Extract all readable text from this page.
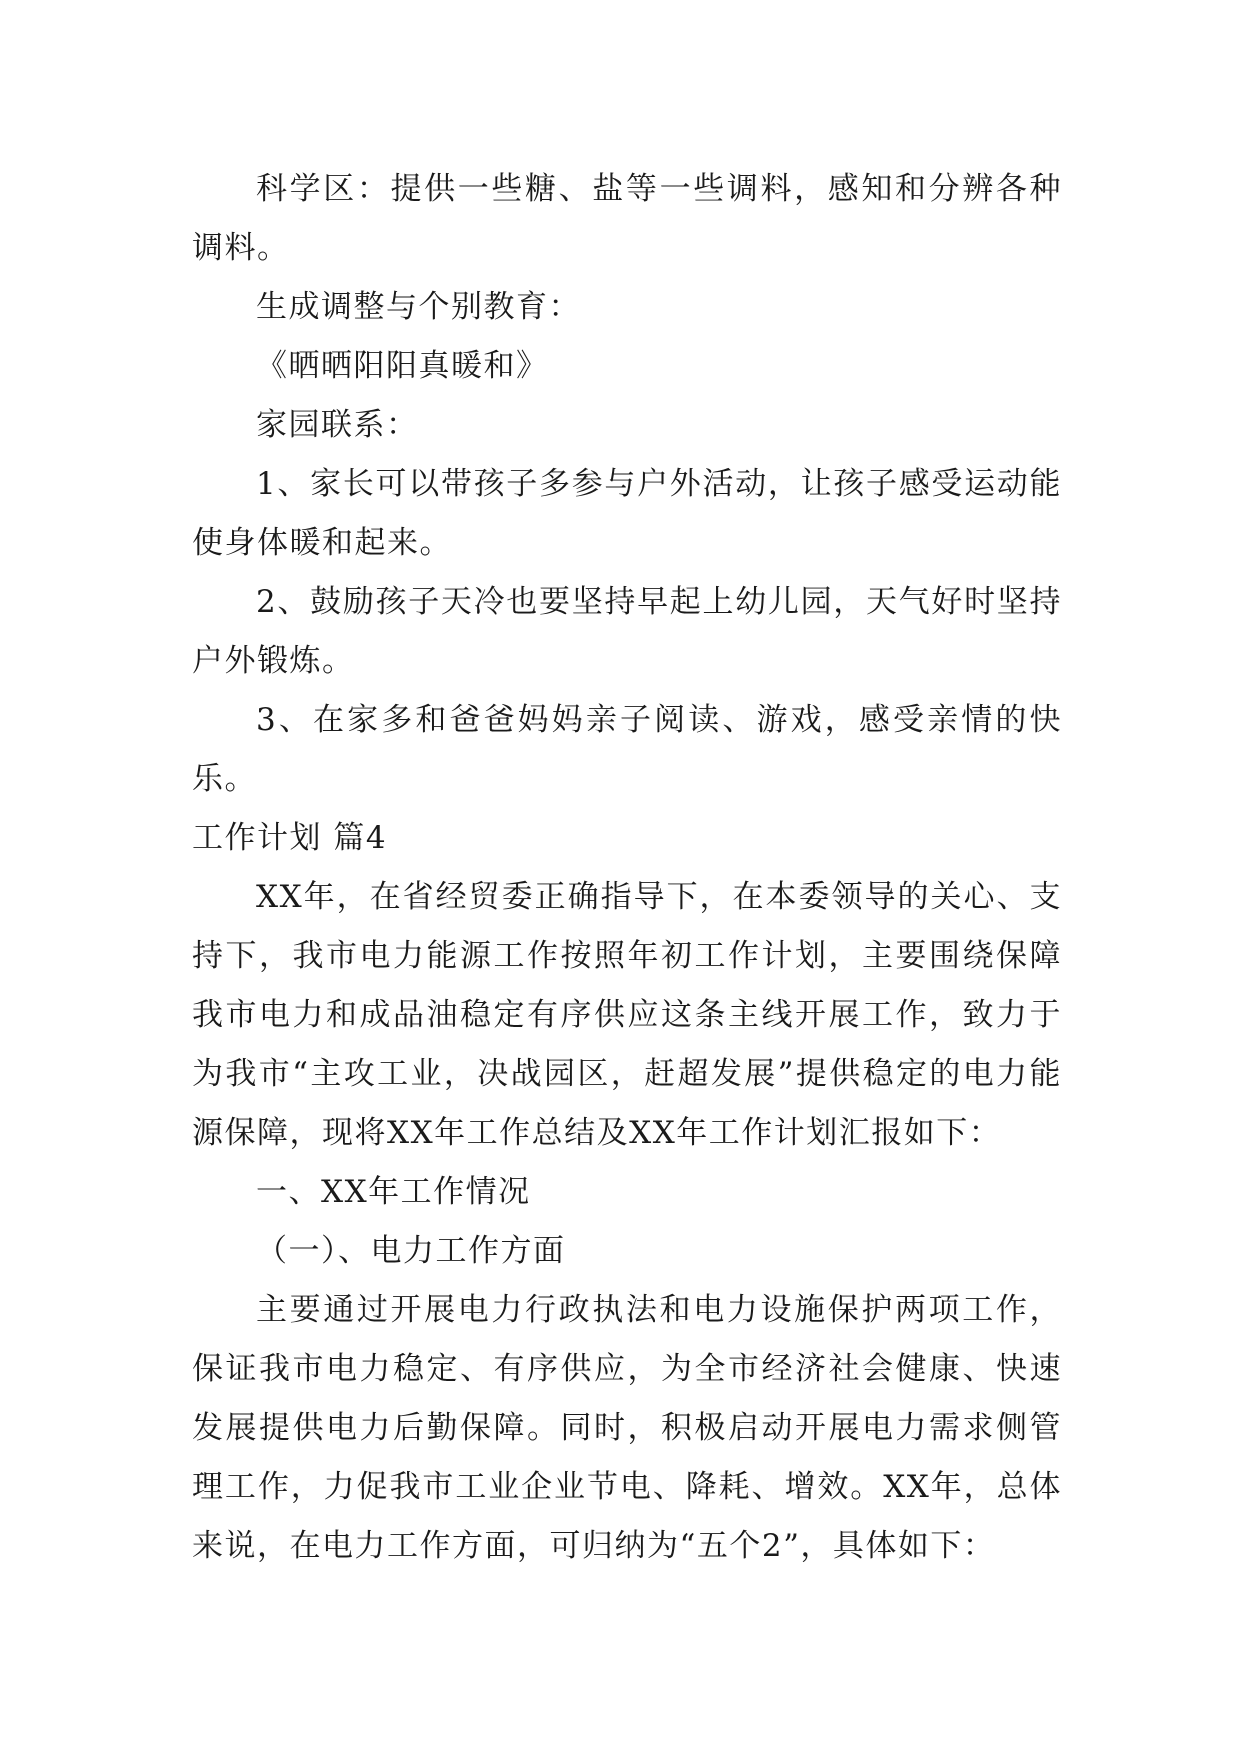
科学区：提供一些糖、盐等一些调料，感知和分辨各种调料。

生成调整与个别教育：

《晒晒阳阳真暖和》

家园联系：

1、家长可以带孩子多参与户外活动，让孩子感受运动能使身体暖和起来。

2、鼓励孩子天冷也要坚持早起上幼儿园，天气好时坚持户外锻炼。

3、在家多和爸爸妈妈亲子阅读、游戏，感受亲情的快乐。

工作计划 篇4

XX年，在省经贸委正确指导下，在本委领导的关心、支持下，我市电力能源工作按照年初工作计划，主要围绕保障我市电力和成品油稳定有序供应这条主线开展工作，致力于为我市“主攻工业，决战园区，赶超发展”提供稳定的电力能源保障，现将XX年工作总结及XX年工作计划汇报如下：

一、XX年工作情况

（一）、电力工作方面

主要通过开展电力行政执法和电力设施保护两项工作，保证我市电力稳定、有序供应，为全市经济社会健康、快速发展提供电力后勤保障。同时，积极启动开展电力需求侧管理工作，力促我市工业企业节电、降耗、增效。XX年，总体来说，在电力工作方面，可归纳为“五个2”，具体如下：
